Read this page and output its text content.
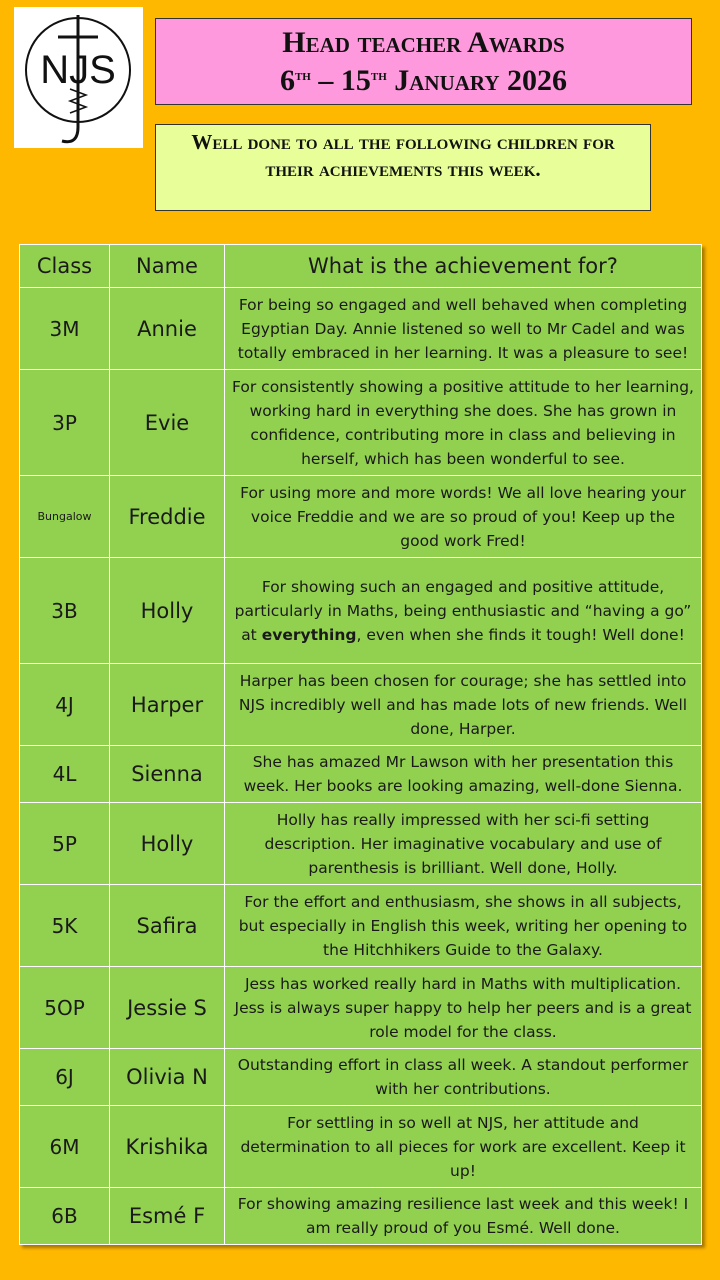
NJS
Head teacher Awards
6th – 15th January 2026
Well done to all the following children for their achievements this week.
Class	Name	What is the achievement for?
3M	Annie	For being so engaged and well behaved when completing Egyptian Day. Annie listened so well to Mr Cadel and was totally embraced in her learning. It was a pleasure to see!
3P	Evie	For consistently showing a positive attitude to her learning, working hard in everything she does. She has grown in confidence, contributing more in class and believing in herself, which has been wonderful to see.
Bungalow	Freddie	For using more and more words! We all love hearing your voice Freddie and we are so proud of you! Keep up the good work Fred!
3B	Holly	For showing such an engaged and positive attitude, particularly in Maths, being enthusiastic and “having a go” at everything, even when she finds it tough! Well done!
4J	Harper	Harper has been chosen for courage; she has settled into NJS incredibly well and has made lots of new friends. Well done, Harper.
4L	Sienna	She has amazed Mr Lawson with her presentation this week. Her books are looking amazing, well-done Sienna.
5P	Holly	Holly has really impressed with her sci-fi setting description. Her imaginative vocabulary and use of parenthesis is brilliant. Well done, Holly.
5K	Safira	For the effort and enthusiasm, she shows in all subjects, but especially in English this week, writing her opening to the Hitchhikers Guide to the Galaxy.
5OP	Jessie S	Jess has worked really hard in Maths with multiplication. Jess is always super happy to help her peers and is a great role model for the class.
6J	Olivia N	Outstanding effort in class all week. A standout performer with her contributions.
6M	Krishika	For settling in so well at NJS, her attitude and determination to all pieces for work are excellent. Keep it up!
6B	Esmé F	For showing amazing resilience last week and this week! I am really proud of you Esmé. Well done.
